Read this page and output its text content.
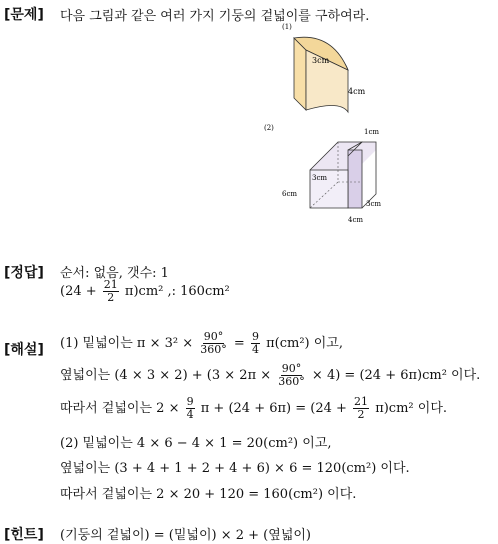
[문제] 다음 그림과 같은 여러 가지 기둥의 겉넓이를 구하여라.
(1)
3cm
4cm
(2)	1cm
3cm
6cm
3cm
4cm
[정답] 순서: 없음, 갯수: 1
$(24 + \frac{21}{2} \pi)cm^2$ ,: 160cm²
[해설] (1) 밑넓이는 $\pi \times 3^2 \times \frac{90^\circ}{360^\circ} = \frac{9}{4} \pi(cm^2)$ 이고,
옆넓이는 $(4 \times 3 \times 2) + (3 \times 2\pi \times \frac{90^\circ}{360^\circ} \times 4) = (24 + 6\pi)cm^2$ 이다.
따라서 겉넓이는 $2 \times \frac{9}{4}$ $\pi + (24 + 6\pi) = (24 + \frac{21}{2} \pi)cm^2$ 이다.
(2) 밑넓이는 4 × 6 − 4 × 1 = 20(cm²) 이고,
옆넓이는 (3 + 4 + 1 + 2 + 4 + 6) × 6 = 120(cm²) 이다.
따라서 겉넓이는 2 × 20 + 120 = 160(cm²) 이다.
[힌트] (기둥의 겉넓이) = (밑넓이) × 2 + (옆넓이)
